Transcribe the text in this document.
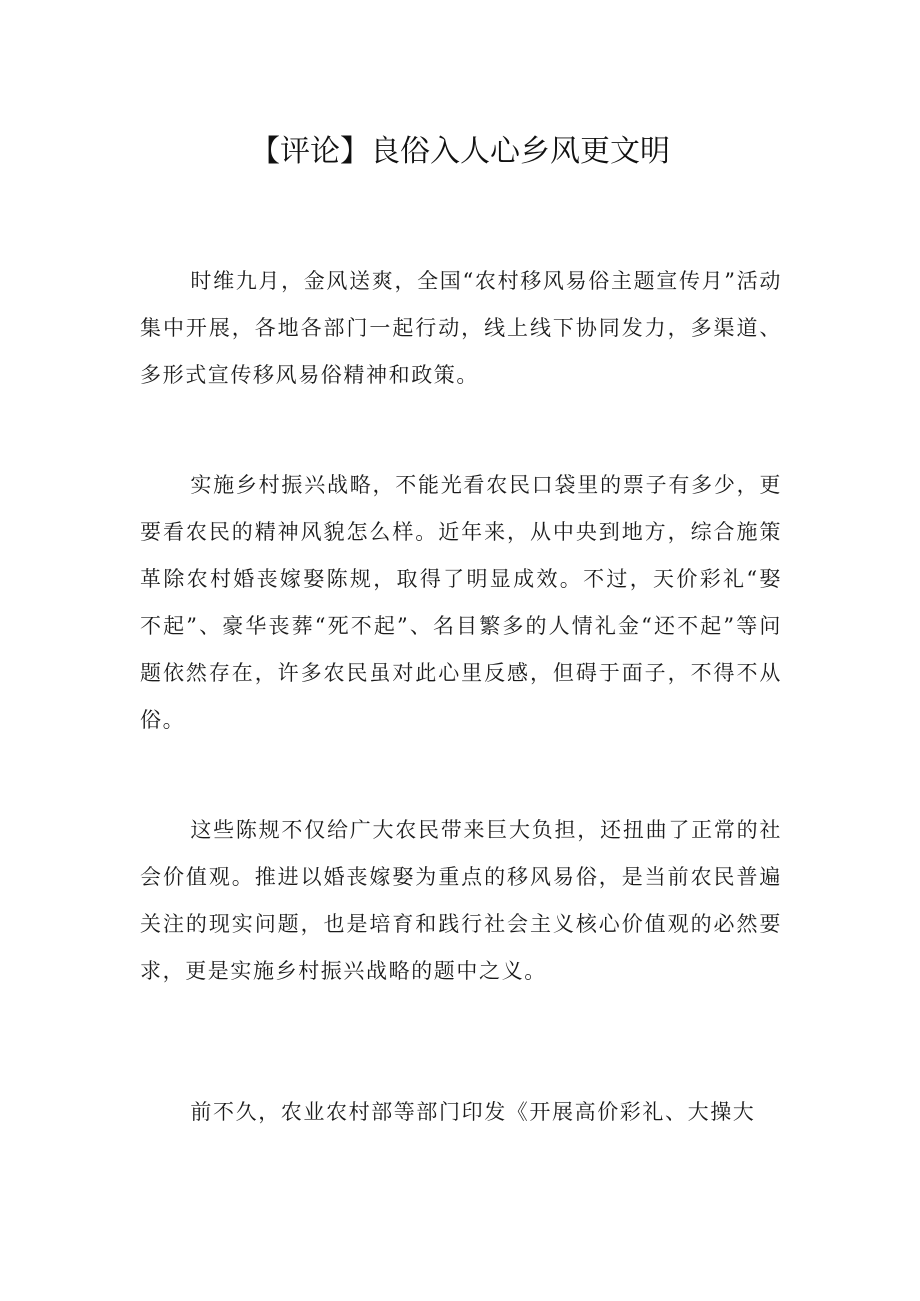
【评论】良俗入人心乡风更文明

时维九月，金风送爽，全国“农村移风易俗主题宣传月”活动集中开展，各地各部门一起行动，线上线下协同发力，多渠道、多形式宣传移风易俗精神和政策。

实施乡村振兴战略，不能光看农民口袋里的票子有多少，更要看农民的精神风貌怎么样。近年来，从中央到地方，综合施策革除农村婚丧嫁娶陈规，取得了明显成效。不过，天价彩礼“娶不起”、豪华丧葬“死不起”、名目繁多的人情礼金“还不起”等问题依然存在，许多农民虽对此心里反感，但碍于面子，不得不从俗。

这些陈规不仅给广大农民带来巨大负担，还扭曲了正常的社会价值观。推进以婚丧嫁娶为重点的移风易俗，是当前农民普遍关注的现实问题，也是培育和践行社会主义核心价值观的必然要求，更是实施乡村振兴战略的题中之义。

前不久，农业农村部等部门印发《开展高价彩礼、大操大
